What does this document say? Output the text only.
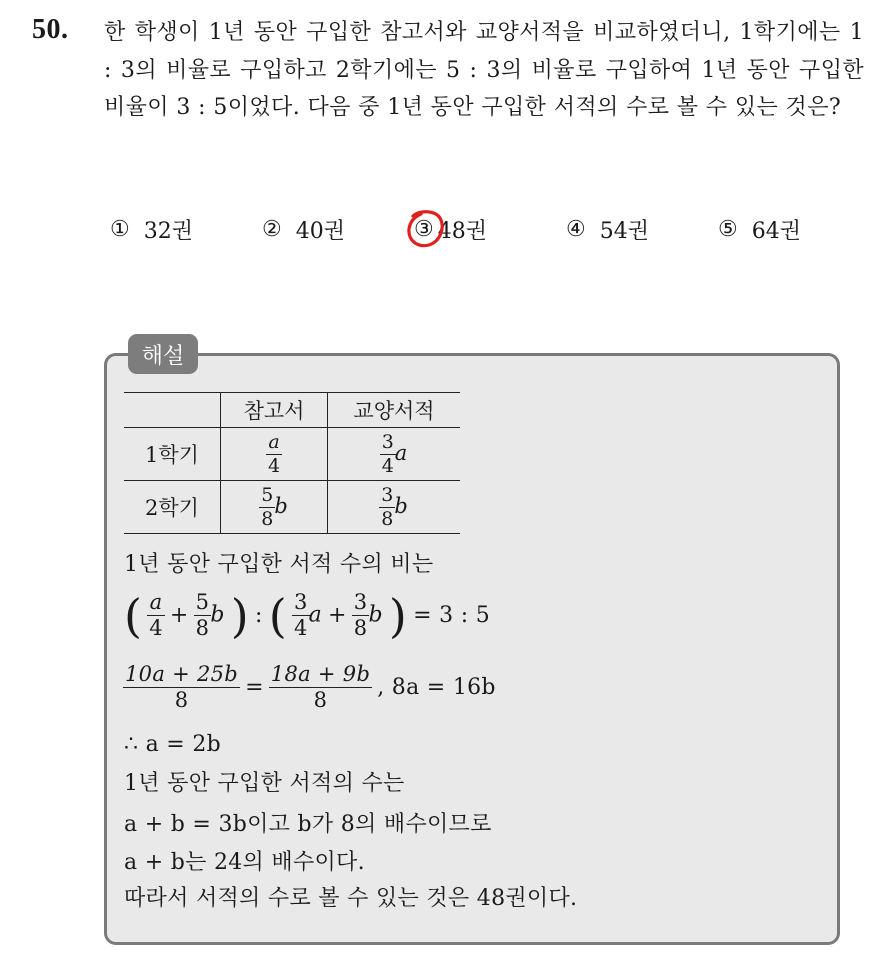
50. 한 학생이 1년 동안 구입한 참고서와 교양서적을 비교하였더니, 1학기에는 1 : 3의 비율로 구입하고 2학기에는 5 : 3의 비율로 구입하여 1년 동안 구입한 비율이 3 : 5이었다. 다음 중 1년 동안 구입한 서적의 수로 볼 수 있는 것은?

① 32권	② 40권	③ 48권	④ 54권	⑤ 64권
해설
	참고서	교양서적
1학기	$\frac{a}{4}$	$\frac{3}{4}$ a
2학기	$\frac{5}{8}$ b	$\frac{3}{8}$ b
1년 동안 구입한 서적 수의 비는
( $\frac{a}{4} + \frac{5}{8}$ b ) : ( $\frac{3}{4}$ $a + \frac{3}{8}$ b ) = 3 : 5
$\frac{10a + 25b}{8} = \frac{18a + 9b}{8}$ , 8a = 16b
∴ a = 2b
1년 동안 구입한 서적의 수는
a + b = 3b이고 b가 8의 배수이므로
a + b는 24의 배수이다.
따라서 서적의 수로 볼 수 있는 것은 48권이다.
